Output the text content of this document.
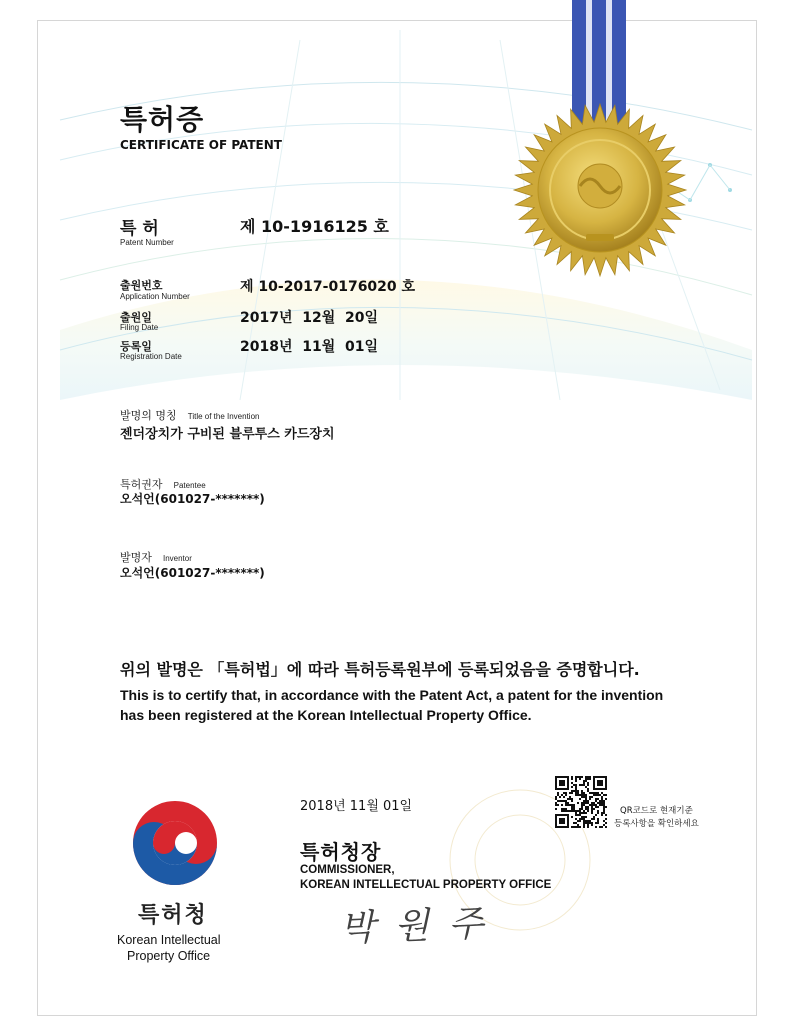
특허증
CERTIFICATE OF PATENT
특 허
Patent Number
제 10-1916125 호
출원번호
Application Number
제 10-2017-0176020 호
출원일
Filing Date
2017년  12월  20일
등록일
Registration Date
2018년  11월  01일
발명의 명칭 Title of the Invention
젠더장치가 구비된 블루투스 카드장치
특허권자 Patentee
오석언(601027-*******)
발명자 Inventor
오석언(601027-*******)
위의 발명은 「특허법」에 따라 특허등록원부에 등록되었음을 증명합니다.
This is to certify that, in accordance with the Patent Act, a patent for the invention
has been registered at the Korean Intellectual Property Office.
2018년 11월 01일	QR코드로 현재기준
등록사항을 확인하세요
특허청장
COMMISSIONER,
KOREAN INTELLECTUAL PROPERTY OFFICE
박 원 주
특허청
Korean Intellectual
Property Office
